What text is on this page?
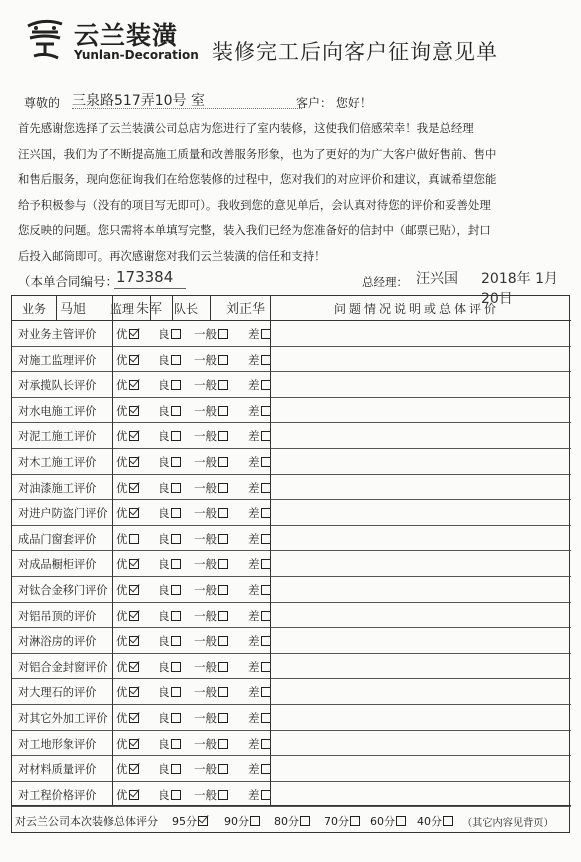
云兰装潢
Yunlan-Decoration 装修完工后向客户征询意见单
尊敬的 三泉路517弄10号 室	客户： 您好！

首先感谢您选择了云兰装潢公司总店为您进行了室内装修，这使我们倍感荣幸！我是总经理

汪兴国，我们为了不断提高施工质量和改善服务形象，也为了更好的为广大客户做好售前、售中

和售后服务，现向您征询我们在给您装修的过程中，您对我们的对应评价和建议，真诚希望您能

给予积极参与（没有的项目写无即可）。我收到您的意见单后，会认真对待您的评价和妥善处理

您反映的问题。您只需将本单填写完整，装入我们已经为您准备好的信封中（邮票已贴），封口

后投入邮筒即可。再次感谢您对我们云兰装潢的信任和支持！

（本单合同编号：
173384	总经理： 汪兴国 2018年 1月20日
业务 马旭 监理 朱军 队长 刘正华	问题情况说明或总体评价
对业务主管评价 优	良 一般	差
对施工监理评价 优	良 一般	差
对承揽队长评价 优	良 一般	差
对水电施工评价 优	良 一般	差
对泥工施工评价 优	良 一般	差
对木工施工评价 优	良 一般	差
对油漆施工评价 优	良 一般	差
对进户防盗门评价 优	良 一般	差
成品门窗套评价 优	良 一般	差
对成品橱柜评价 优	良 一般	差
对钛合金移门评价 优	良 一般	差
对铝吊顶的评价 优	良 一般	差
对淋浴房的评价 优	良 一般	差
对铝合金封窗评价 优	良 一般	差
对大理石的评价 优	良 一般	差
对其它外加工评价 优	良 一般	差
对工地形象评价 优	良 一般	差
对材料质量评价 优	良 一般	差
对工程价格评价 优	良 一般	差
对云兰公司本次装修总体评分 95分 90分 80分 70分 60分 40分 （其它内容见背页）
